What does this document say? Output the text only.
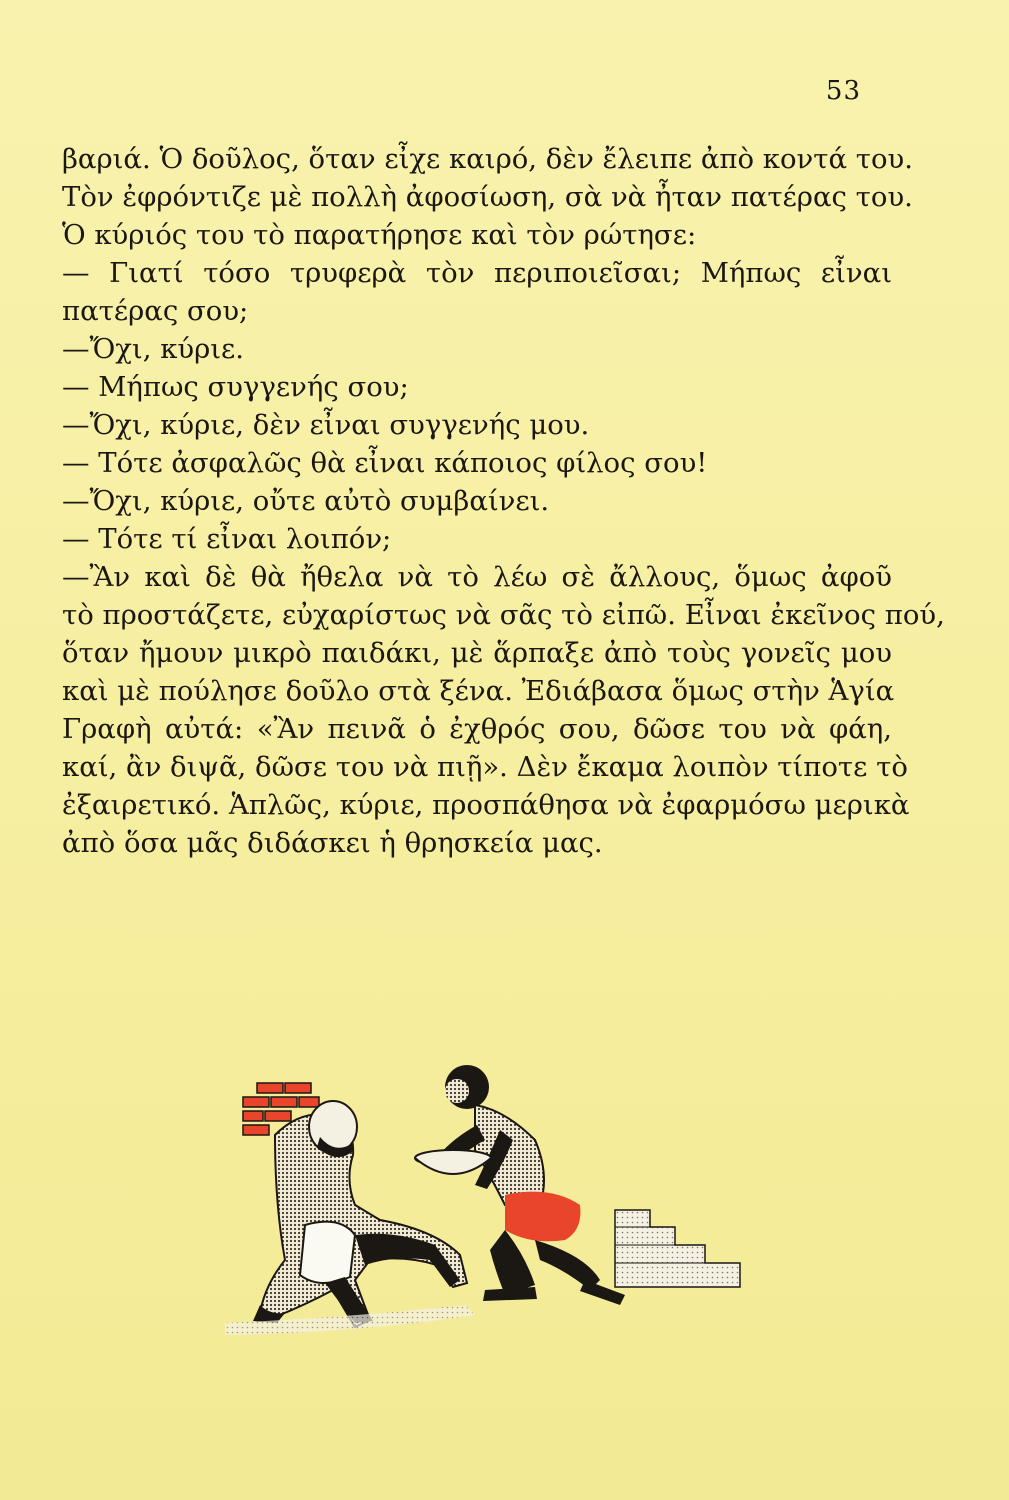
53
βαριά. Ὁ δοῦλος, ὅταν εἶχε καιρό, δὲν ἔλειπε ἀπὸ κοντά του.
Τὸν ἐφρόντιζε μὲ πολλὴ ἀφοσίωση, σὰ νὰ ἦταν πατέρας του.
Ὁ κύριός του τὸ παρατήρησε καὶ τὸν ρώτησε:
— Γιατί τόσο τρυφερὰ τὸν περιποιεῖσαι; Μήπως εἶναι
πατέρας σου;
—Ὄχι, κύριε.
— Μήπως συγγενής σου;
—Ὄχι, κύριε, δὲν εἶναι συγγενής μου.
— Τότε ἀσφαλῶς θὰ εἶναι κάποιος φίλος σου!
—Ὄχι, κύριε, οὔτε αὐτὸ συμβαίνει.
— Τότε τί εἶναι λοιπόν;
—Ἂν καὶ δὲ θὰ ἤθελα νὰ τὸ λέω σὲ ἄλλους, ὅμως ἀφοῦ
τὸ προστάζετε, εὐχαρίστως νὰ σᾶς τὸ εἰπῶ. Εἶναι ἐκεῖνος πού,
ὅταν ἤμουν μικρὸ παιδάκι, μὲ ἅρπαξε ἀπὸ τοὺς γονεῖς μου
καὶ μὲ πούλησε δοῦλο στὰ ξένα. Ἐδιάβασα ὅμως στὴν Ἁγία
Γραφὴ αὐτά: «Ἂν πεινᾶ ὁ ἐχθρός σου, δῶσε του νὰ φάη,
καί, ἂν διψᾶ, δῶσε του νὰ πιῇ». Δὲν ἔκαμα λοιπὸν τίποτε τὸ
ἐξαιρετικό. Ἁπλῶς, κύριε, προσπάθησα νὰ ἐφαρμόσω μερικὰ
ἀπὸ ὅσα μᾶς διδάσκει ἡ θρησκεία μας.
